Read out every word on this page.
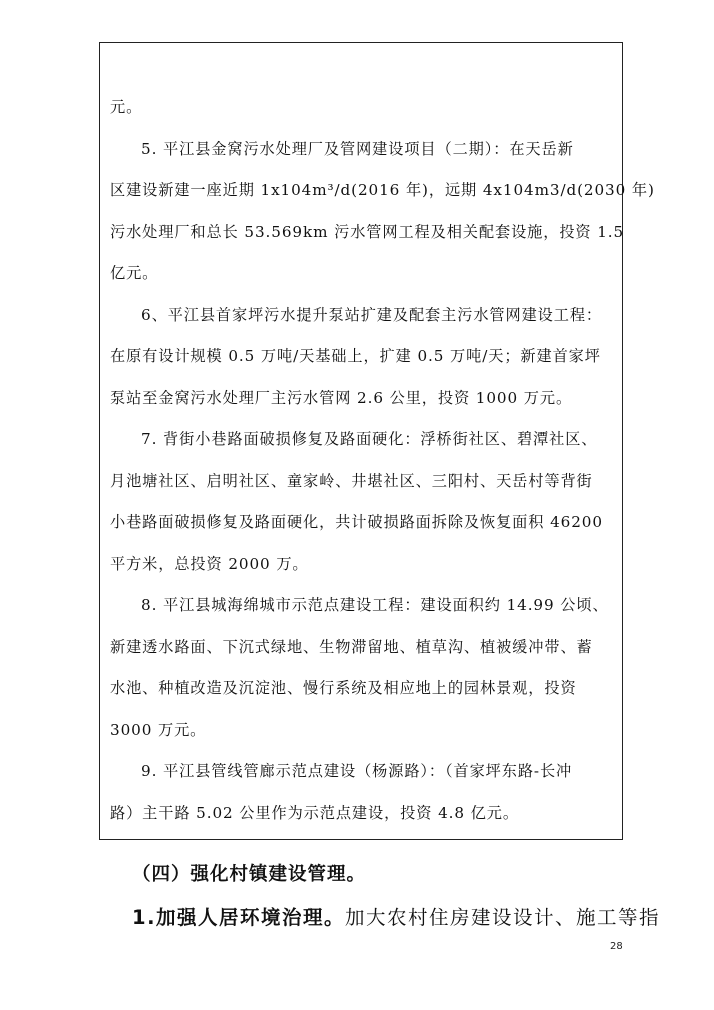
元。
5. 平江县金窝污水处理厂及管网建设项目（二期）：在天岳新
区建设新建一座近期 1x104m³/d(2016 年)，远期 4x104m3/d(2030 年)
污水处理厂和总长 53.569km 污水管网工程及相关配套设施，投资 1.5
亿元。
6、平江县首家坪污水提升泵站扩建及配套主污水管网建设工程：
在原有设计规模 0.5 万吨/天基础上，扩建 0.5 万吨/天；新建首家坪
泵站至金窝污水处理厂主污水管网 2.6 公里，投资 1000 万元。
7. 背街小巷路面破损修复及路面硬化：浮桥街社区、碧潭社区、
月池塘社区、启明社区、童家岭、井堪社区、三阳村、天岳村等背街
小巷路面破损修复及路面硬化，共计破损路面拆除及恢复面积 46200
平方米，总投资 2000 万。
8. 平江县城海绵城市示范点建设工程：建设面积约 14.99 公顷、
新建透水路面、下沉式绿地、生物滞留地、植草沟、植被缓冲带、蓄
水池、种植改造及沉淀池、慢行系统及相应地上的园林景观，投资
3000 万元。
9. 平江县管线管廊示范点建设（杨源路）：（首家坪东路-长冲
路）主干路 5.02 公里作为示范点建设，投资 4.8 亿元。
（四）强化村镇建设管理。
1.加强人居环境治理。加大农村住房建设设计、施工等指
28
